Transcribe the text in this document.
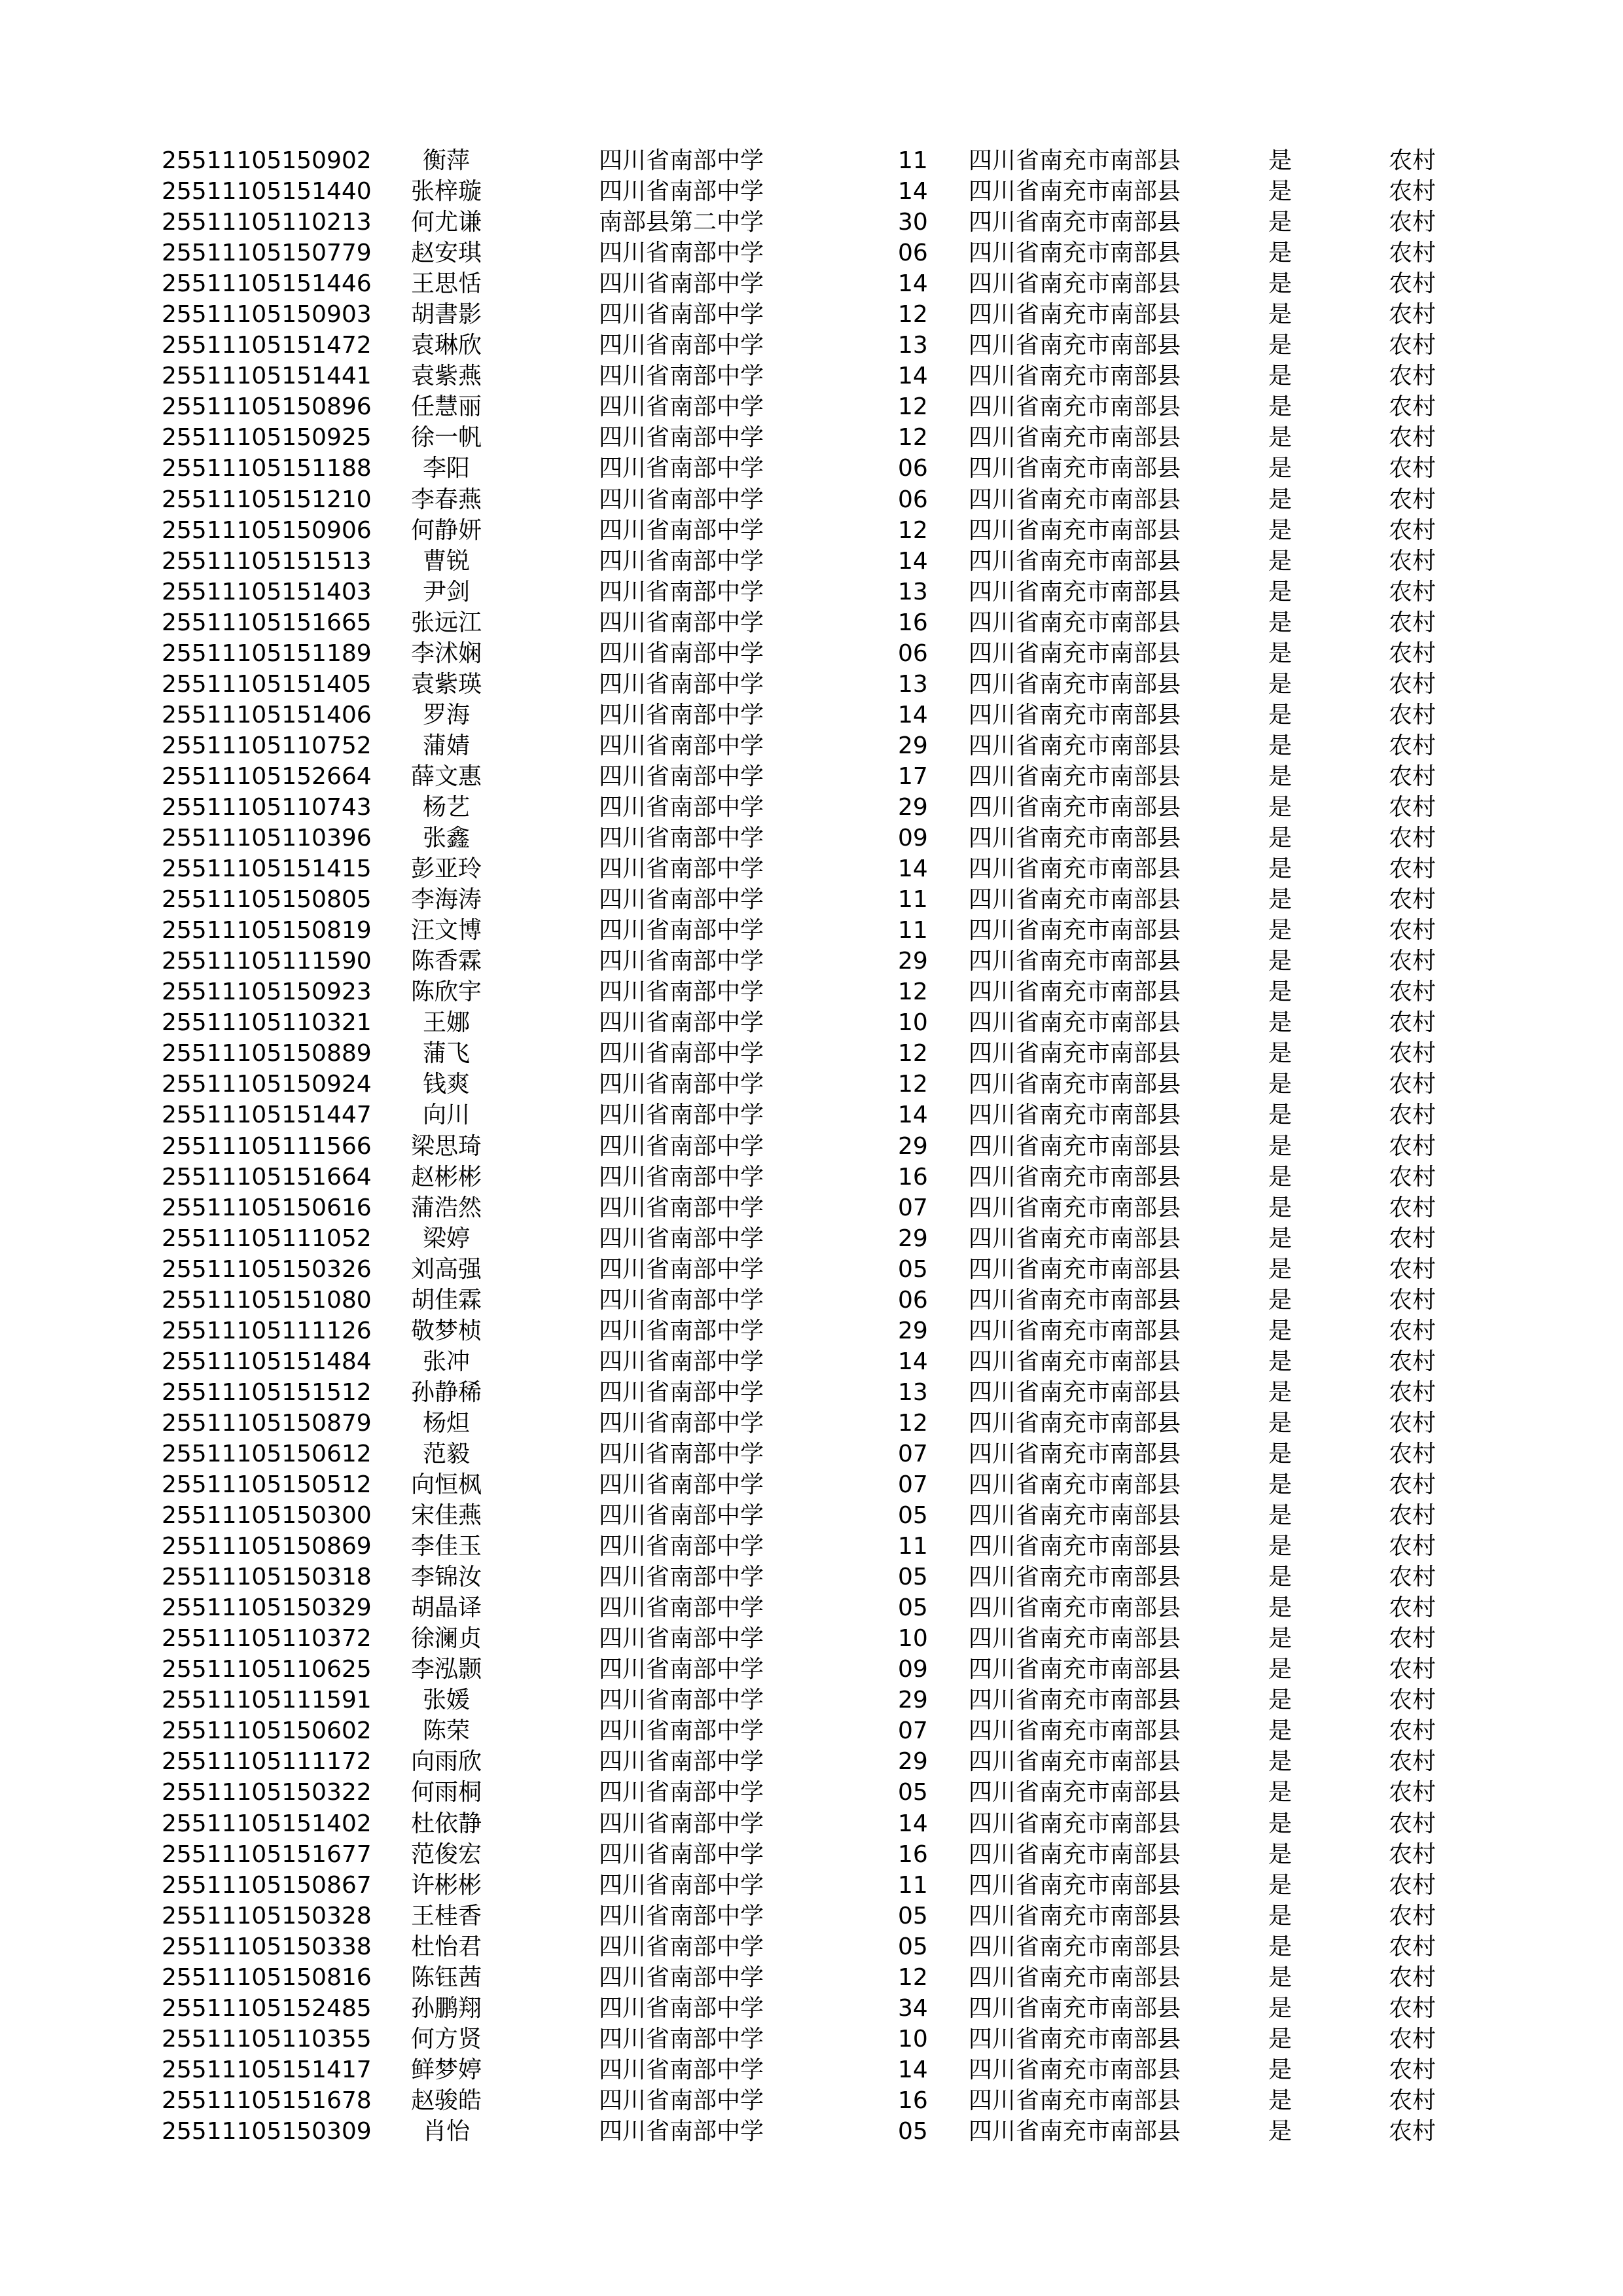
25511105150902	衡萍	四川省南部中学	11 四川省南充市南部县	是	农村
25511105151440 张梓璇	四川省南部中学	14 四川省南充市南部县	是	农村
25511105110213 何尤谦	南部县第二中学	30 四川省南充市南部县	是	农村
25511105150779 赵安琪	四川省南部中学	06 四川省南充市南部县	是	农村
25511105151446 王思恬	四川省南部中学	14 四川省南充市南部县	是	农村
25511105150903 胡書影	四川省南部中学	12 四川省南充市南部县	是	农村
25511105151472 袁琳欣	四川省南部中学	13 四川省南充市南部县	是	农村
25511105151441 袁紫燕	四川省南部中学	14 四川省南充市南部县	是	农村
25511105150896 任慧丽	四川省南部中学	12 四川省南充市南部县	是	农村
25511105150925 徐一帆	四川省南部中学	12 四川省南充市南部县	是	农村
25511105151188	李阳	四川省南部中学	06 四川省南充市南部县	是	农村
25511105151210 李春燕	四川省南部中学	06 四川省南充市南部县	是	农村
25511105150906 何静妍	四川省南部中学	12 四川省南充市南部县	是	农村
25511105151513	曹锐	四川省南部中学	14 四川省南充市南部县	是	农村
25511105151403	尹剑	四川省南部中学	13 四川省南充市南部县	是	农村
25511105151665 张远江	四川省南部中学	16 四川省南充市南部县	是	农村
25511105151189 李沭娴	四川省南部中学	06 四川省南充市南部县	是	农村
25511105151405 袁紫瑛	四川省南部中学	13 四川省南充市南部县	是	农村
25511105151406	罗海	四川省南部中学	14 四川省南充市南部县	是	农村
25511105110752	蒲婧	四川省南部中学	29 四川省南充市南部县	是	农村
25511105152664 薛文惠	四川省南部中学	17 四川省南充市南部县	是	农村
25511105110743	杨艺	四川省南部中学	29 四川省南充市南部县	是	农村
25511105110396	张鑫	四川省南部中学	09 四川省南充市南部县	是	农村
25511105151415 彭亚玲	四川省南部中学	14 四川省南充市南部县	是	农村
25511105150805 李海涛	四川省南部中学	11 四川省南充市南部县	是	农村
25511105150819 汪文博	四川省南部中学	11 四川省南充市南部县	是	农村
25511105111590 陈香霖	四川省南部中学	29 四川省南充市南部县	是	农村
25511105150923 陈欣宇	四川省南部中学	12 四川省南充市南部县	是	农村
25511105110321	王娜	四川省南部中学	10 四川省南充市南部县	是	农村
25511105150889	蒲飞	四川省南部中学	12 四川省南充市南部县	是	农村
25511105150924	钱爽	四川省南部中学	12 四川省南充市南部县	是	农村
25511105151447	向川	四川省南部中学	14 四川省南充市南部县	是	农村
25511105111566 梁思琦	四川省南部中学	29 四川省南充市南部县	是	农村
25511105151664 赵彬彬	四川省南部中学	16 四川省南充市南部县	是	农村
25511105150616 蒲浩然	四川省南部中学	07 四川省南充市南部县	是	农村
25511105111052	梁婷	四川省南部中学	29 四川省南充市南部县	是	农村
25511105150326 刘高强	四川省南部中学	05 四川省南充市南部县	是	农村
25511105151080 胡佳霖	四川省南部中学	06 四川省南充市南部县	是	农村
25511105111126 敬梦桢	四川省南部中学	29 四川省南充市南部县	是	农村
25511105151484	张冲	四川省南部中学	14 四川省南充市南部县	是	农村
25511105151512 孙静稀	四川省南部中学	13 四川省南充市南部县	是	农村
25511105150879	杨炟	四川省南部中学	12 四川省南充市南部县	是	农村
25511105150612	范毅	四川省南部中学	07 四川省南充市南部县	是	农村
25511105150512 向恒枫	四川省南部中学	07 四川省南充市南部县	是	农村
25511105150300 宋佳燕	四川省南部中学	05 四川省南充市南部县	是	农村
25511105150869 李佳玉	四川省南部中学	11 四川省南充市南部县	是	农村
25511105150318 李锦汝	四川省南部中学	05 四川省南充市南部县	是	农村
25511105150329 胡晶译	四川省南部中学	05 四川省南充市南部县	是	农村
25511105110372 徐澜贞	四川省南部中学	10 四川省南充市南部县	是	农村
25511105110625 李泓颢	四川省南部中学	09 四川省南充市南部县	是	农村
25511105111591	张媛	四川省南部中学	29 四川省南充市南部县	是	农村
25511105150602	陈荣	四川省南部中学	07 四川省南充市南部县	是	农村
25511105111172 向雨欣	四川省南部中学	29 四川省南充市南部县	是	农村
25511105150322 何雨桐	四川省南部中学	05 四川省南充市南部县	是	农村
25511105151402 杜依静	四川省南部中学	14 四川省南充市南部县	是	农村
25511105151677 范俊宏	四川省南部中学	16 四川省南充市南部县	是	农村
25511105150867 许彬彬	四川省南部中学	11 四川省南充市南部县	是	农村
25511105150328 王桂香	四川省南部中学	05 四川省南充市南部县	是	农村
25511105150338 杜怡君	四川省南部中学	05 四川省南充市南部县	是	农村
25511105150816 陈钰茜	四川省南部中学	12 四川省南充市南部县	是	农村
25511105152485 孙鹏翔	四川省南部中学	34 四川省南充市南部县	是	农村
25511105110355 何方贤	四川省南部中学	10 四川省南充市南部县	是	农村
25511105151417 鲜梦婷	四川省南部中学	14 四川省南充市南部县	是	农村
25511105151678 赵骏皓	四川省南部中学	16 四川省南充市南部县	是	农村
25511105150309	肖怡	四川省南部中学	05 四川省南充市南部县	是	农村
